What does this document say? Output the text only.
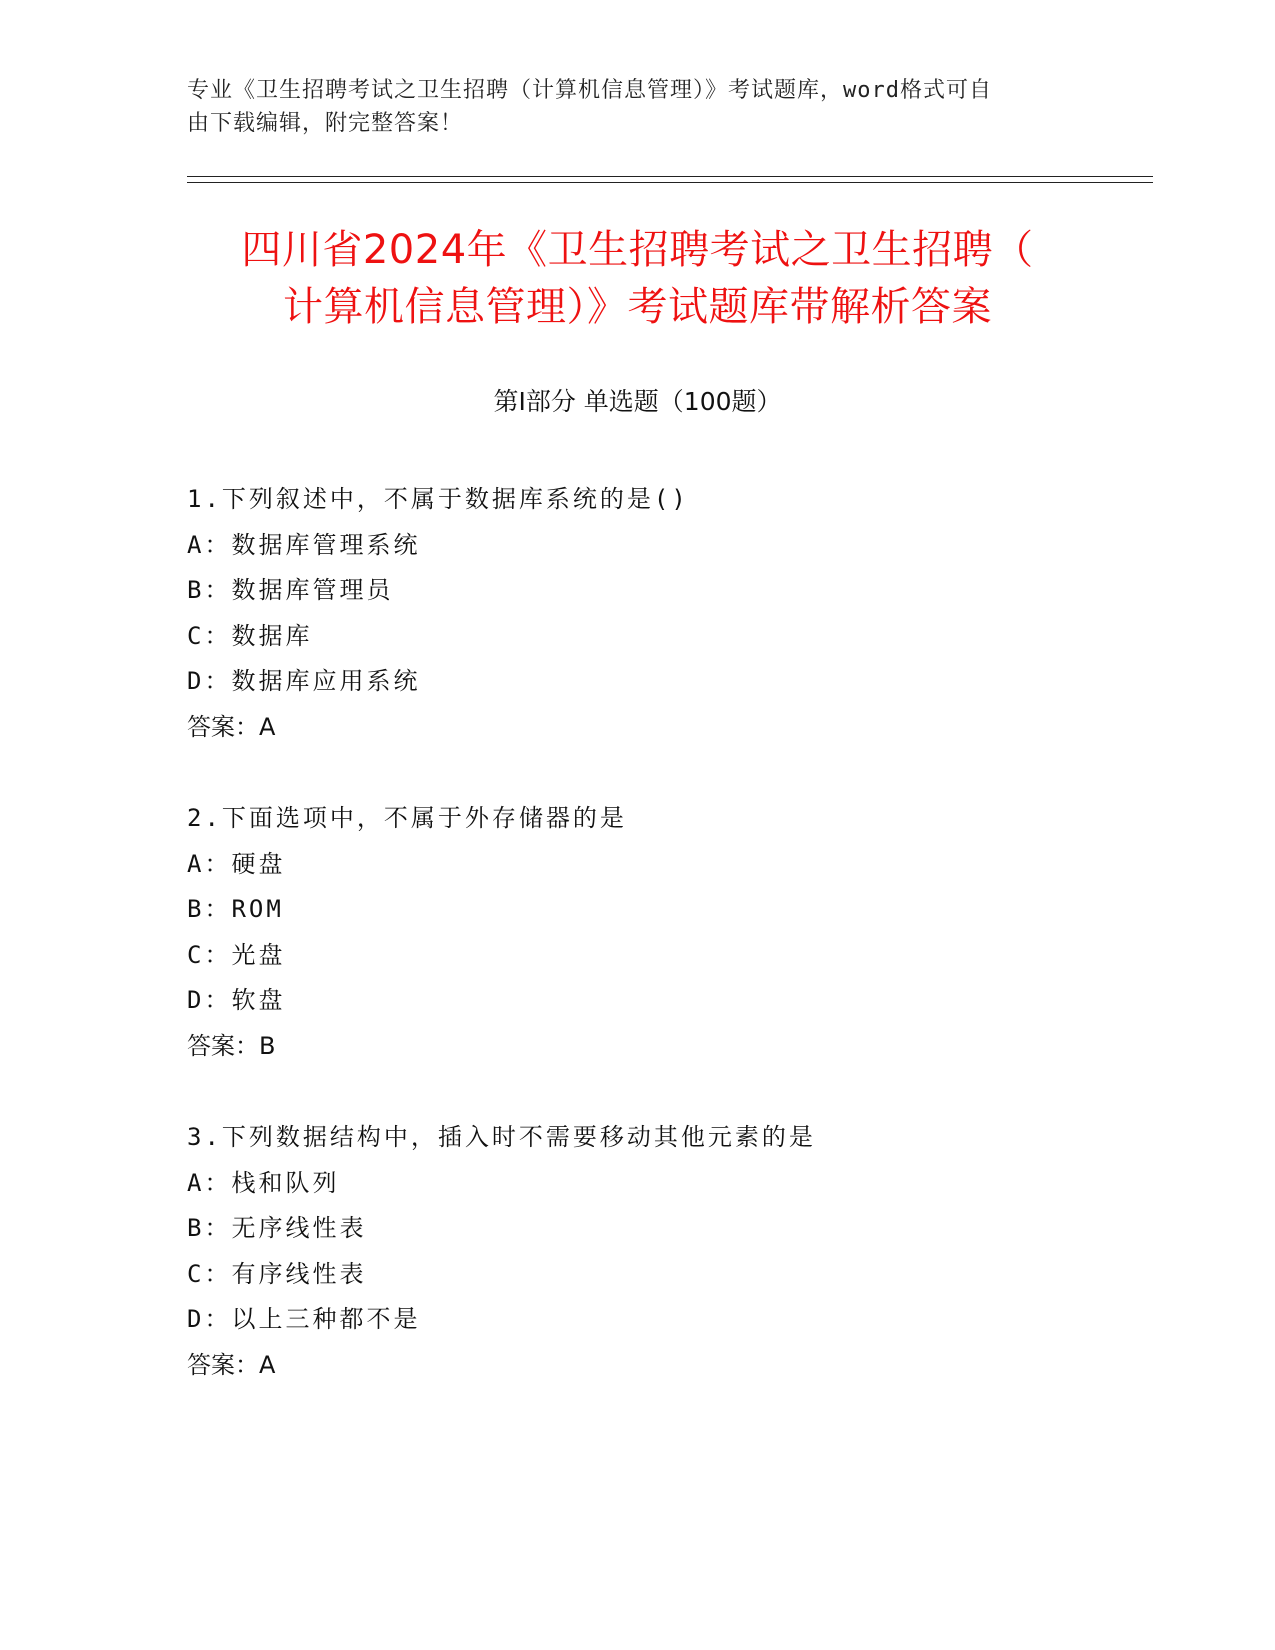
专业《卫生招聘考试之卫生招聘（计算机信息管理）》考试题库，word格式可自
由下载编辑，附完整答案！
四川省2024年《卫生招聘考试之卫生招聘（
计算机信息管理）》考试题库带解析答案
第Ⅰ部分 单选题（100题）
1.下列叙述中，不属于数据库系统的是()
A：数据库管理系统
B：数据库管理员
C：数据库
D：数据库应用系统
答案：A
2.下面选项中，不属于外存储器的是
A：硬盘
B：ROM
C：光盘
D：软盘
答案：B
3.下列数据结构中，插入时不需要移动其他元素的是
A：栈和队列
B：无序线性表
C：有序线性表
D：以上三种都不是
答案：A
